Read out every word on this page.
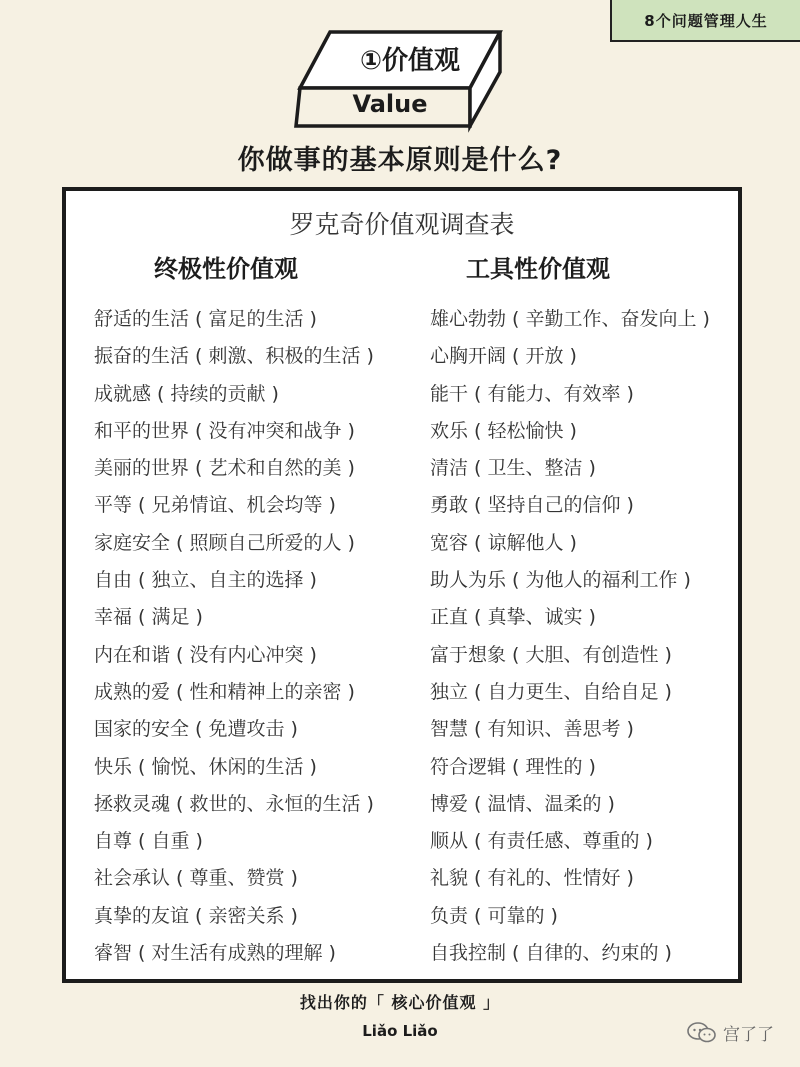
8个问题管理人生
①价值观
Value
你做事的基本原则是什么?
罗克奇价值观调查表
终极性价值观	工具性价值观
舒适的生活 ( 富足的生活 )
振奋的生活 ( 刺激、积极的生活 )
成就感 ( 持续的贡献 )
和平的世界 ( 没有冲突和战争 )
美丽的世界 ( 艺术和自然的美 )
平等 ( 兄弟情谊、机会均等 )
家庭安全 ( 照顾自己所爱的人 )
自由 ( 独立、自主的选择 )
幸福 ( 满足 )
内在和谐 ( 没有内心冲突 )
成熟的爱 ( 性和精神上的亲密 )
国家的安全 ( 免遭攻击 )
快乐 ( 愉悦、休闲的生活 )
拯救灵魂 ( 救世的、永恒的生活 )
自尊 ( 自重 )
社会承认 ( 尊重、赞赏 )
真挚的友谊 ( 亲密关系 )
睿智 ( 对生活有成熟的理解 )
雄心勃勃 ( 辛勤工作、奋发向上 )
心胸开阔 ( 开放 )
能干 ( 有能力、有效率 )
欢乐 ( 轻松愉快 )
清洁 ( 卫生、整洁 )
勇敢 ( 坚持自己的信仰 )
宽容 ( 谅解他人 )
助人为乐 ( 为他人的福利工作 )
正直 ( 真挚、诚实 )
富于想象 ( 大胆、有创造性 )
独立 ( 自力更生、自给自足 )
智慧 ( 有知识、善思考 )
符合逻辑 ( 理性的 )
博爱 ( 温情、温柔的 )
顺从 ( 有责任感、尊重的 )
礼貌 ( 有礼的、性情好 )
负责 ( 可靠的 )
自我控制 ( 自律的、约束的 )
找出你的「 核心价值观 」
Liǎo Liǎo	宫了了
